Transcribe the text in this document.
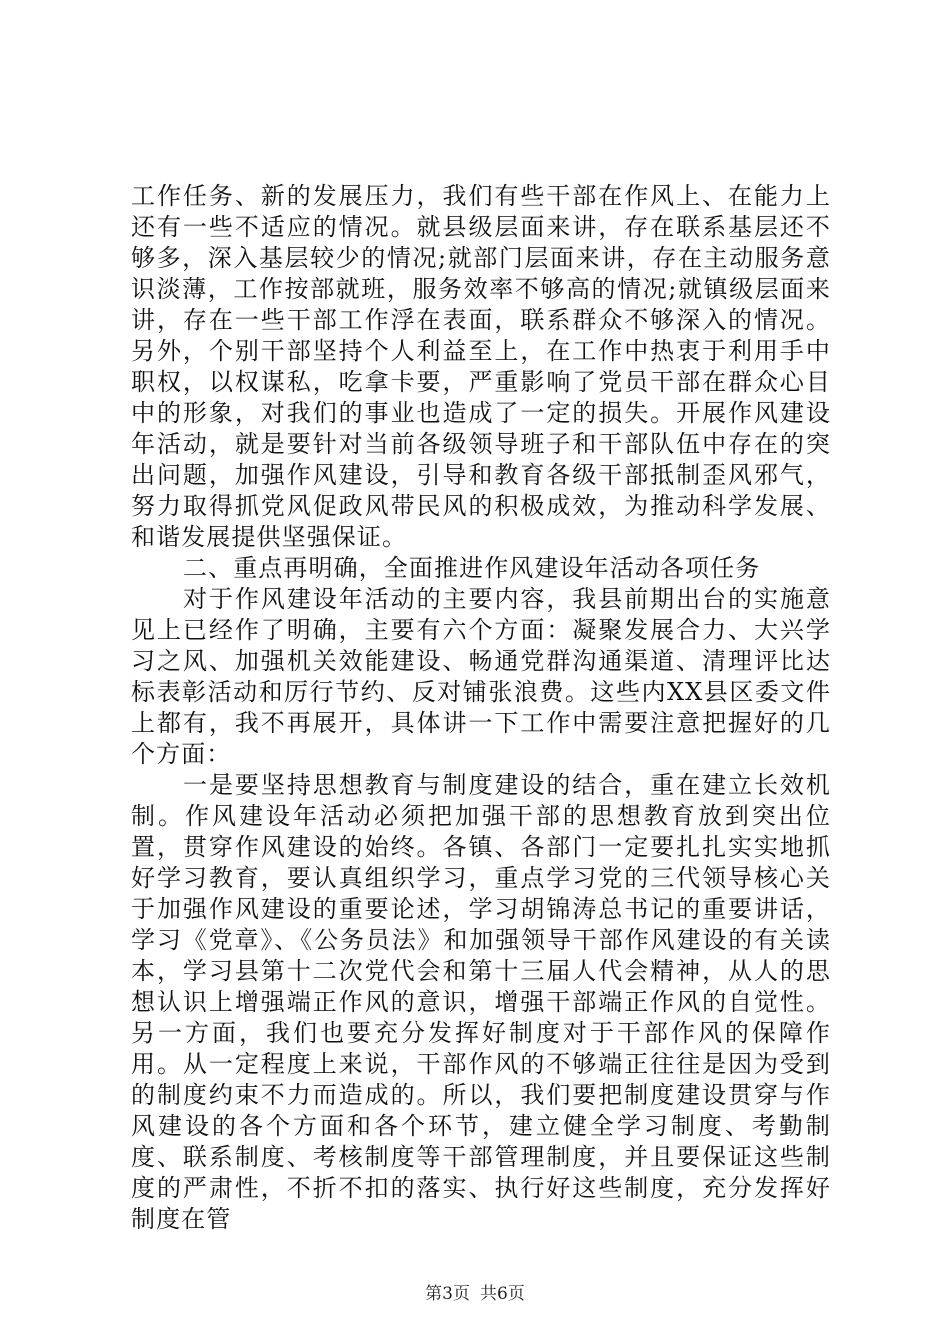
工作任务、新的发展压力，我们有些干部在作风上、在能力上还有一些不适应的情况。就县级层面来讲，存在联系基层还不够多，深入基层较少的情况;就部门层面来讲，存在主动服务意识淡薄，工作按部就班，服务效率不够高的情况;就镇级层面来讲，存在一些干部工作浮在表面，联系群众不够深入的情况。另外，个别干部坚持个人利益至上，在工作中热衷于利用手中职权，以权谋私，吃拿卡要，严重影响了党员干部在群众心目中的形象，对我们的事业也造成了一定的损失。开展作风建设年活动，就是要针对当前各级领导班子和干部队伍中存在的突出问题，加强作风建设，引导和教育各级干部抵制歪风邪气，努力取得抓党风促政风带民风的积极成效，为推动科学发展、和谐发展提供坚强保证。

二、重点再明确，全面推进作风建设年活动各项任务

对于作风建设年活动的主要内容，我县前期出台的实施意见上已经作了明确，主要有六个方面：凝聚发展合力、大兴学习之风、加强机关效能建设、畅通党群沟通渠道、清理评比达标表彰活动和厉行节约、反对铺张浪费。这些内XX县区委文件上都有，我不再展开，具体讲一下工作中需要注意把握好的几个方面：

一是要坚持思想教育与制度建设的结合，重在建立长效机制。作风建设年活动必须把加强干部的思想教育放到突出位置，贯穿作风建设的始终。各镇、各部门一定要扎扎实实地抓好学习教育，要认真组织学习，重点学习党的三代领导核心关于加强作风建设的重要论述，学习胡锦涛总书记的重要讲话，学习《党章》、《公务员法》和加强领导干部作风建设的有关读本，学习县第十二次党代会和第十三届人代会精神，从人的思想认识上增强端正作风的意识，增强干部端正作风的自觉性。另一方面，我们也要充分发挥好制度对于干部作风的保障作用。从一定程度上来说，干部作风的不够端正往往是因为受到的制度约束不力而造成的。所以，我们要把制度建设贯穿与作风建设的各个方面和各个环节，建立健全学习制度、考勤制度、联系制度、考核制度等干部管理制度，并且要保证这些制度的严肃性，不折不扣的落实、执行好这些制度，充分发挥好制度在管

第3页 共6页
